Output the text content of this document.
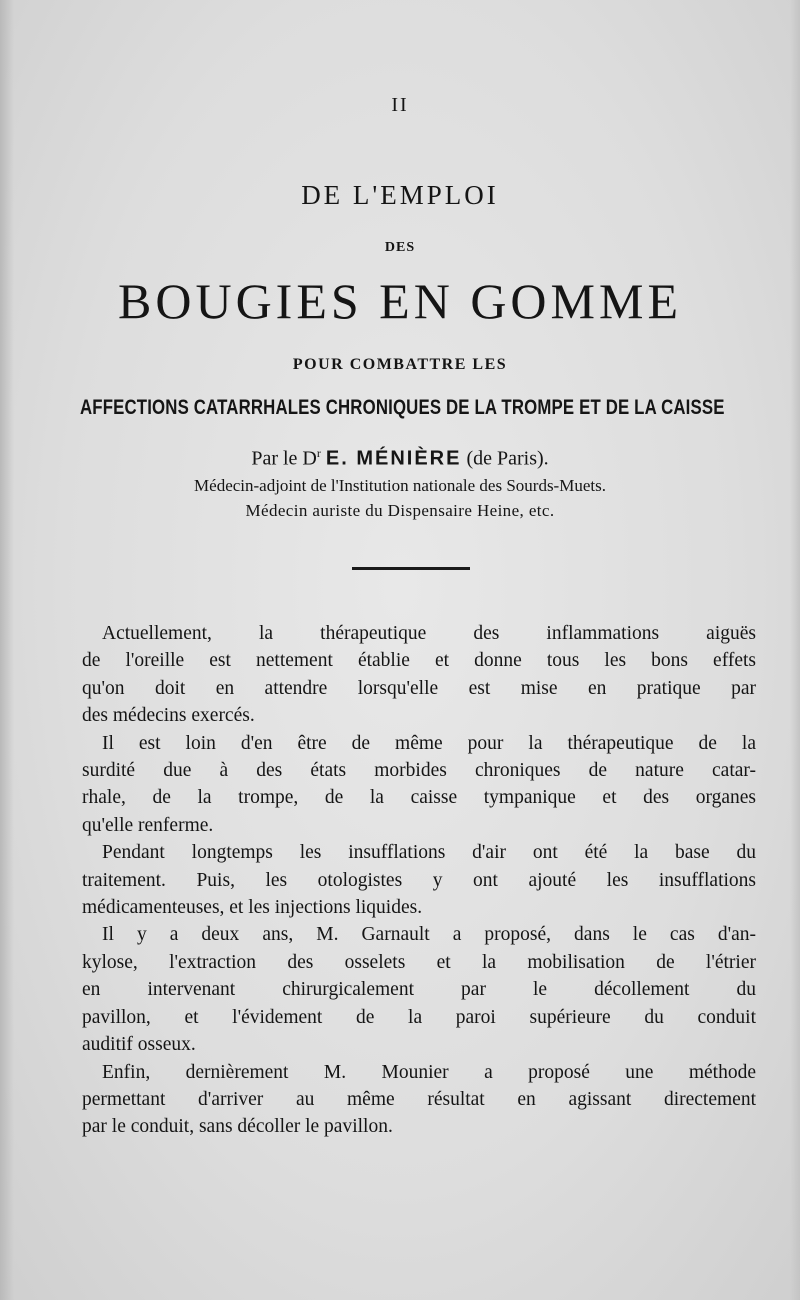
II
DE L'EMPLOI
DES
BOUGIES EN GOMME
POUR COMBATTRE LES
AFFECTIONS CATARRHALES CHRONIQUES DE LA TROMPE ET DE LA CAISSE
Par le $D^r$ E. MÉNIÈRE (de Paris).
Médecin-adjoint de l'Institution nationale des Sourds-Muets.
Médecin auriste du Dispensaire Heine, etc.
Actuellement, la thérapeutique des inflammations aiguës
de l'oreille est nettement établie et donne tous les bons effets
qu'on doit en attendre lorsqu'elle est mise en pratique par
des médecins exercés.
Il est loin d'en être de même pour la thérapeutique de la
surdité due à des états morbides chroniques de nature catar-
rhale, de la trompe, de la caisse tympanique et des organes
qu'elle renferme.
Pendant longtemps les insufflations d'air ont été la base du
traitement. Puis, les otologistes y ont ajouté les insufflations
médicamenteuses, et les injections liquides.
Il y a deux ans, M. Garnault a proposé, dans le cas d'an-
kylose, l'extraction des osselets et la mobilisation de l'étrier
en intervenant chirurgicalement par le décollement du
pavillon, et l'évidement de la paroi supérieure du conduit
auditif osseux.
Enfin, dernièrement M. Mounier a proposé une méthode
permettant d'arriver au même résultat en agissant directement
par le conduit, sans décoller le pavillon.
